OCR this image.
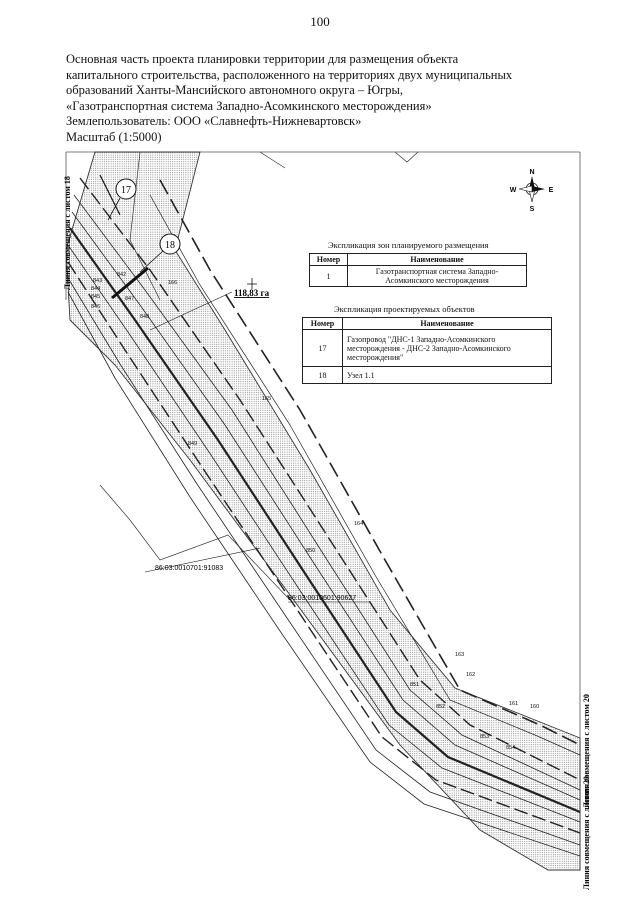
100
Основная часть проекта планировки территории для размещения объекта
капитального строительства, расположенного на территориях двух муниципальных
образований Ханты-Мансийского автономного округа – Югры,
«Газотранспортная система Западно-Асомкинского месторождения»
Землепользователь: ООО «Славнефть-Нижневартовск»
Масштаб (1:5000)
17
18
118,83 га
86:03:0010701:91083
86:03:0010601:90627
842
843
844
845
846
847
848
849
850
851
852
853
854
160
161
162
163
164
165
166
Линия совмещения с листом 18
Линия совмещения с листом 20
Линия совмещения с листом 20
N
S
W	E
Экспликация зон планируемого размещения
Номер	Наименование
1	Газотранспортная система Западно-Асомкинского месторождения
Экспликация проектируемых объектов
Номер	Наименование
17	Газопровод "ДНС-1 Западно-Асомкинского месторождения - ДНС-2 Западно-Асомкинского месторождения"
18	Узел 1.1
